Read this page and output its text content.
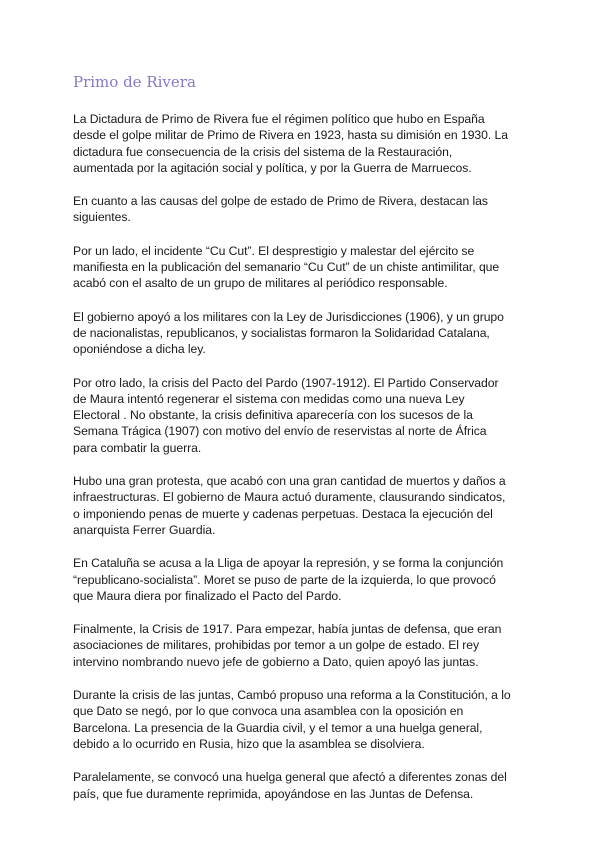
Primo de Rivera

La Dictadura de Primo de Rivera fue el régimen político que hubo en España desde el golpe militar de Primo de Rivera en 1923, hasta su dimisión en 1930. La dictadura fue consecuencia de la crisis del sistema de la Restauración, aumentada por la agitación social y política, y por la Guerra de Marruecos.

En cuanto a las causas del golpe de estado de Primo de Rivera, destacan las siguientes.

Por un lado, el incidente “Cu Cut”. El desprestigio y malestar del ejército se manifiesta en la publicación del semanario “Cu Cut” de un chiste antimilitar, que acabó con el asalto de un grupo de militares al periódico responsable.

El gobierno apoyó a los militares con la Ley de Jurisdicciones (1906), y un grupo de nacionalistas, republicanos, y socialistas formaron la Solidaridad Catalana, oponiéndose a dicha ley.

Por otro lado, la crisis del Pacto del Pardo (1907-1912). El Partido Conservador de Maura intentó regenerar el sistema con medidas como una nueva Ley Electoral . No obstante, la crisis definitiva aparecería con los sucesos de la Semana Trágica (1907) con motivo del envío de reservistas al norte de África para combatir la guerra.

Hubo una gran protesta, que acabó con una gran cantidad de muertos y daños a infraestructuras. El gobierno de Maura actuó duramente, clausurando sindicatos, o imponiendo penas de muerte y cadenas perpetuas. Destaca la ejecución del anarquista Ferrer Guardia.

En Cataluña se acusa a la Lliga de apoyar la represión, y se forma la conjunción “republicano-socialista”. Moret se puso de parte de la izquierda, lo que provocó que Maura diera por finalizado el Pacto del Pardo.

Finalmente, la Crisis de 1917. Para empezar, había juntas de defensa, que eran asociaciones de militares, prohibidas por temor a un golpe de estado. El rey intervino nombrando nuevo jefe de gobierno a Dato, quien apoyó las juntas.

Durante la crisis de las juntas, Cambó propuso una reforma a la Constitución, a lo que Dato se negó, por lo que convoca una asamblea con la oposición en Barcelona. La presencia de la Guardia civil, y el temor a una huelga general, debido a lo ocurrido en Rusia, hizo que la asamblea se disolviera.

Paralelamente, se convocó una huelga general que afectó a diferentes zonas del país, que fue duramente reprimida, apoyándose en las Juntas de Defensa.
